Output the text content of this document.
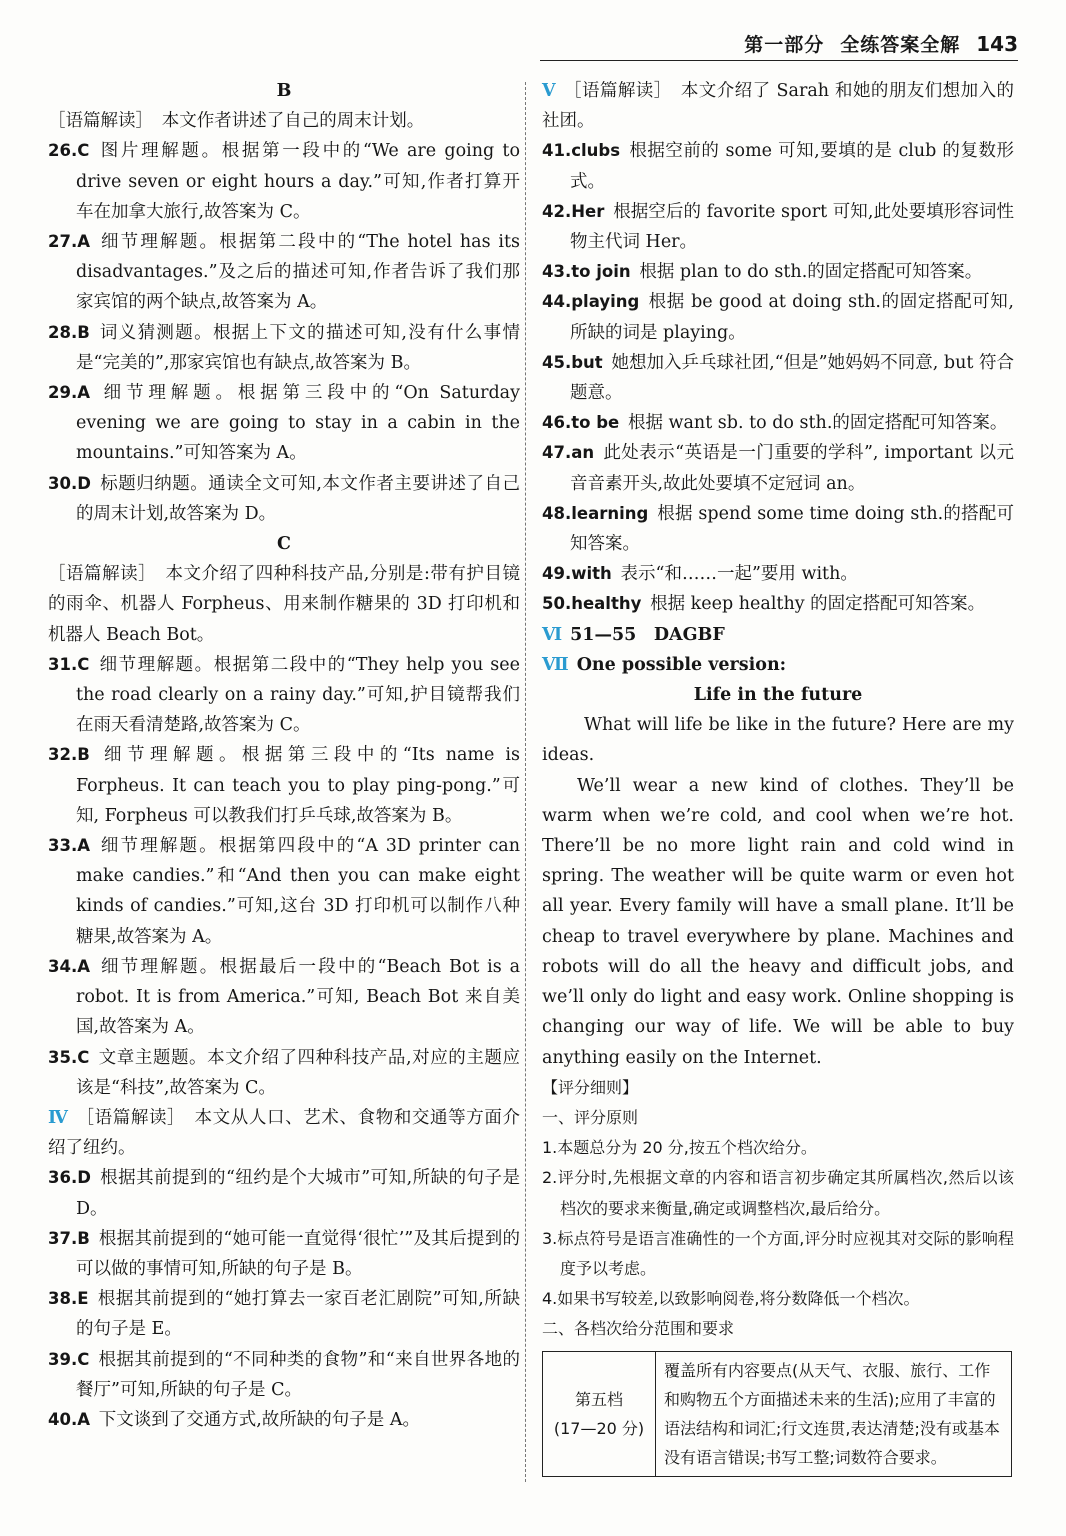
第一部分 全练答案全解 143
B
［语篇解读］　本文作者讲述了自己的周末计划。
26.C  图片理解题。根据第一段中的“We are going to drive seven or eight hours a day.”可知,作者打算开车在加拿大旅行,故答案为 C。
27.A  细节理解题。根据第二段中的“The hotel has its disadvantages.”及之后的描述可知,作者告诉了我们那家宾馆的两个缺点,故答案为 A。
28.B  词义猜测题。根据上下文的描述可知,没有什么事情是“完美的”,那家宾馆也有缺点,故答案为 B。
29.A  细节理解题。根据第三段中的“On Saturday evening we are going to stay in a cabin in the mountains.”可知答案为 A。
30.D  标题归纳题。通读全文可知,本文作者主要讲述了自己的周末计划,故答案为 D。
C
［语篇解读］　本文介绍了四种科技产品,分别是:带有护目镜的雨伞、机器人 Forpheus、用来制作糖果的 3D 打印机和机器人 Beach Bot。
31.C  细节理解题。根据第二段中的“They help you see the road clearly on a rainy day.”可知,护目镜帮我们在雨天看清楚路,故答案为 C。
32.B  细节理解题。根据第三段中的“Its name is Forpheus. It can teach you to play ping-pong.”可知, Forpheus 可以教我们打乒乓球,故答案为 B。
33.A  细节理解题。根据第四段中的“A 3D printer can make candies.”和“And then you can make eight kinds of candies.”可知,这台 3D 打印机可以制作八种糖果,故答案为 A。
34.A  细节理解题。根据最后一段中的“Beach Bot is a robot. It is from America.”可知, Beach Bot 来自美国,故答案为 A。
35.C  文章主题题。本文介绍了四种科技产品,对应的主题应该是“科技”,故答案为 C。
Ⅳ ［语篇解读］　本文从人口、艺术、食物和交通等方面介绍了纽约。
36.D  根据其前提到的“纽约是个大城市”可知,所缺的句子是 D。
37.B  根据其前提到的“她可能一直觉得‘很忙’”及其后提到的可以做的事情可知,所缺的句子是 B。
38.E  根据其前提到的“她打算去一家百老汇剧院”可知,所缺的句子是 E。
39.C  根据其前提到的“不同种类的食物”和“来自世界各地的餐厅”可知,所缺的句子是 C。
40.A  下文谈到了交通方式,故所缺的句子是 A。
Ⅴ ［语篇解读］　本文介绍了 Sarah 和她的朋友们想加入的社团。
41.clubs  根据空前的 some 可知,要填的是 club 的复数形式。
42.Her  根据空后的 favorite sport 可知,此处要填形容词性物主代词 Her。
43.to join  根据 plan to do sth.的固定搭配可知答案。
44.playing  根据 be good at doing sth.的固定搭配可知,所缺的词是 playing。
45.but  她想加入乒乓球社团,“但是”她妈妈不同意, but 符合题意。
46.to be  根据 want sb. to do sth.的固定搭配可知答案。
47.an  此处表示“英语是一门重要的学科”, important 以元音音素开头,故此处要填不定冠词 an。
48.learning  根据 spend some time doing sth.的搭配可知答案。
49.with  表示“和……一起”要用 with。
50.healthy  根据 keep healthy 的固定搭配可知答案。
Ⅵ 51—55　DAGBF
Ⅶ One possible version:
Life in the future
What will life be like in the future? Here are my ideas.
We’ll wear a new kind of clothes. They’ll be warm when we’re cold, and cool when we’re hot. There’ll be no more light rain and cold wind in spring. The weather will be quite warm or even hot all year. Every family will have a small plane. It’ll be cheap to travel everywhere by plane. Machines and robots will do all the heavy and difficult jobs, and we’ll only do light and easy work. Online shopping is changing our way of life. We will be able to buy anything easily on the Internet.
【评分细则】
一、评分原则
1.本题总分为 20 分,按五个档次给分。
2.评分时,先根据文章的内容和语言初步确定其所属档次,然后以该档次的要求来衡量,确定或调整档次,最后给分。
3.标点符号是语言准确性的一个方面,评分时应视其对交际的影响程度予以考虑。
4.如果书写较差,以致影响阅卷,将分数降低一个档次。
二、各档次给分范围和要求
第五档
(17—20 分)
	覆盖所有内容要点(从天气、衣服、旅行、工作和购物五个方面描述未来的生活);应用了丰富的语法结构和词汇;行文连贯,表达清楚;没有或基本没有语言错误;书写工整;词数符合要求。
